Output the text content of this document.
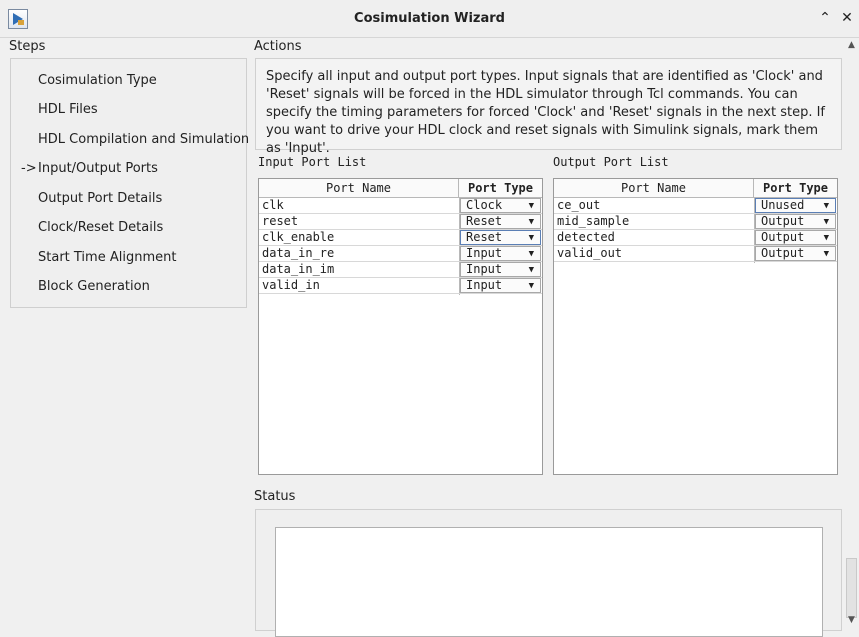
Cosimulation Wizard	⌃ ✕
Steps
Cosimulation Type
HDL Files
HDL Compilation and Simulation
-> Input/Output Ports
Output Port Details
Clock/Reset Details
Start Time Alignment
Block Generation
Actions
Specify all input and output port types. Input signals that are identified as 'Clock' and 'Reset' signals will be forced in the HDL simulator through Tcl commands. You can specify the timing parameters for forced 'Clock' and 'Reset' signals in the next step. If you want to drive your HDL clock and reset signals with Simulink signals, mark them as 'Input'.
Input Port List
Port Name	Port Type
clk	Clock	▼
reset	Reset	▼
clk_enable	Reset	▼
data_in_re	Input	▼
data_in_im	Input	▼
valid_in	Input	▼
Output Port List
Port Name	Port Type
ce_out	Unused ▼
mid_sample	Output ▼
detected	Output ▼
valid_out	Output ▼
Status
▲
▼
